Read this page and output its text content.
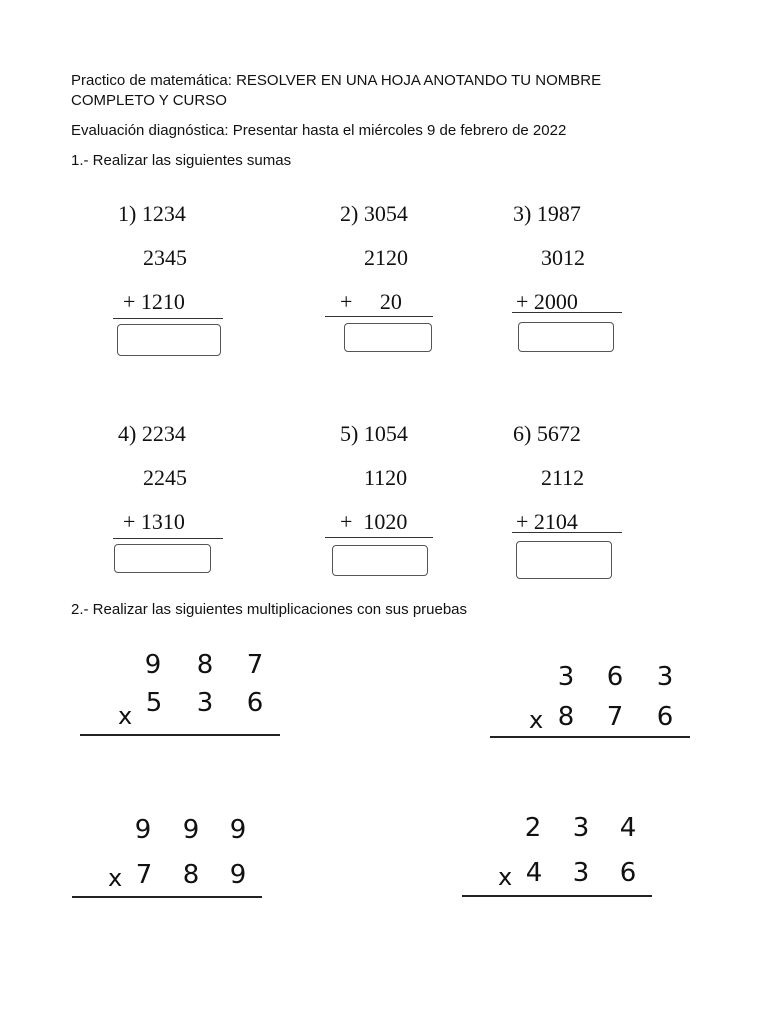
Practico de matemática: RESOLVER EN UNA HOJA ANOTANDO TU NOMBRE
COMPLETO Y CURSO
Evaluación diagnóstica: Presentar hasta el miércoles 9 de febrero de 2022
1.- Realizar las siguientes sumas
1) 1234
2345
+ 1210
2) 3054
2120
+     20
3) 1987
3012
+ 2000
4) 2234
2245
+ 1310
5) 1054
1120
+  1020
6) 5672
2112
+ 2104
2.- Realizar las siguientes multiplicaciones con sus pruebas
9 8 7
x 5 3 6
3 6 3
x 8 7 6
9 9 9
x 7 8 9
2 3 4
x 4 3 6
